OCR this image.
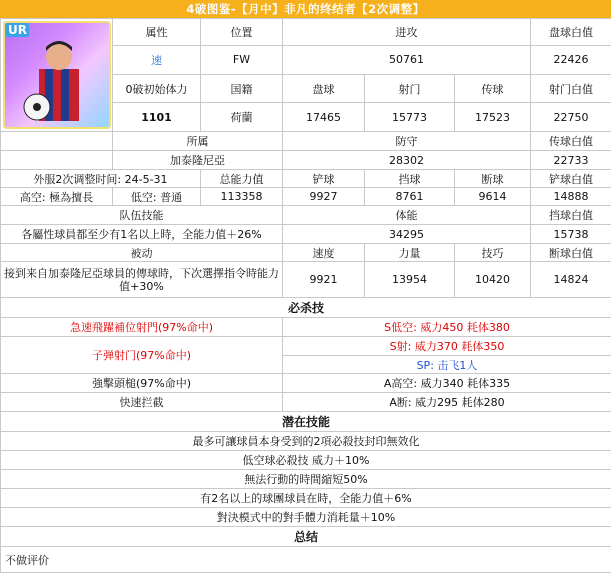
4破图鉴-【月中】非凡的终结者【2次调整】
UR	属性	位置	进攻			盘球白值
	速	FW	50761			22426
	0破初始体力	国籍	盘球	射门	传球	射门白值
	1101	荷蘭	17465	15773	17523	22750
	所属		防守			传球白值
	加泰隆尼亞		28302			22733
外服2次调整时间: 24-5-31		总能力值	铲球	挡球	断球	铲球白值
高空: 極為擅長	低空: 普通	113358	9927	8761	9614	14888
队伍技能			体能			挡球白值
各屬性球員都至少有1名以上時，全能力值＋26%			34295			15738
被动			速度	力量	技巧	断球白值
接到来自加泰隆尼亞球員的傳球時，下次選擇指令時能力值+30%			9921	13954	10420	14824
必杀技						
急速飛躍補位射門(97%命中)			S低空: 威力450 耗体380			
子弹射门(97%命中)			S射: 威力370 耗体350			
			SP: 击飞1人			
強擊頭槌(97%命中)			A高空: 威力340 耗体335			
快速拦截			A断: 威力295 耗体280			
潜在技能						
最多可讓球員本身受到的2項必殺技封印無效化						
低空球必殺技 威力＋10%						
無法行動的時間縮短50%						
有2名以上的球團球員在時，全能力值＋6%						
對決模式中的對手體力消耗量＋10%						
总结						
不做评价						
